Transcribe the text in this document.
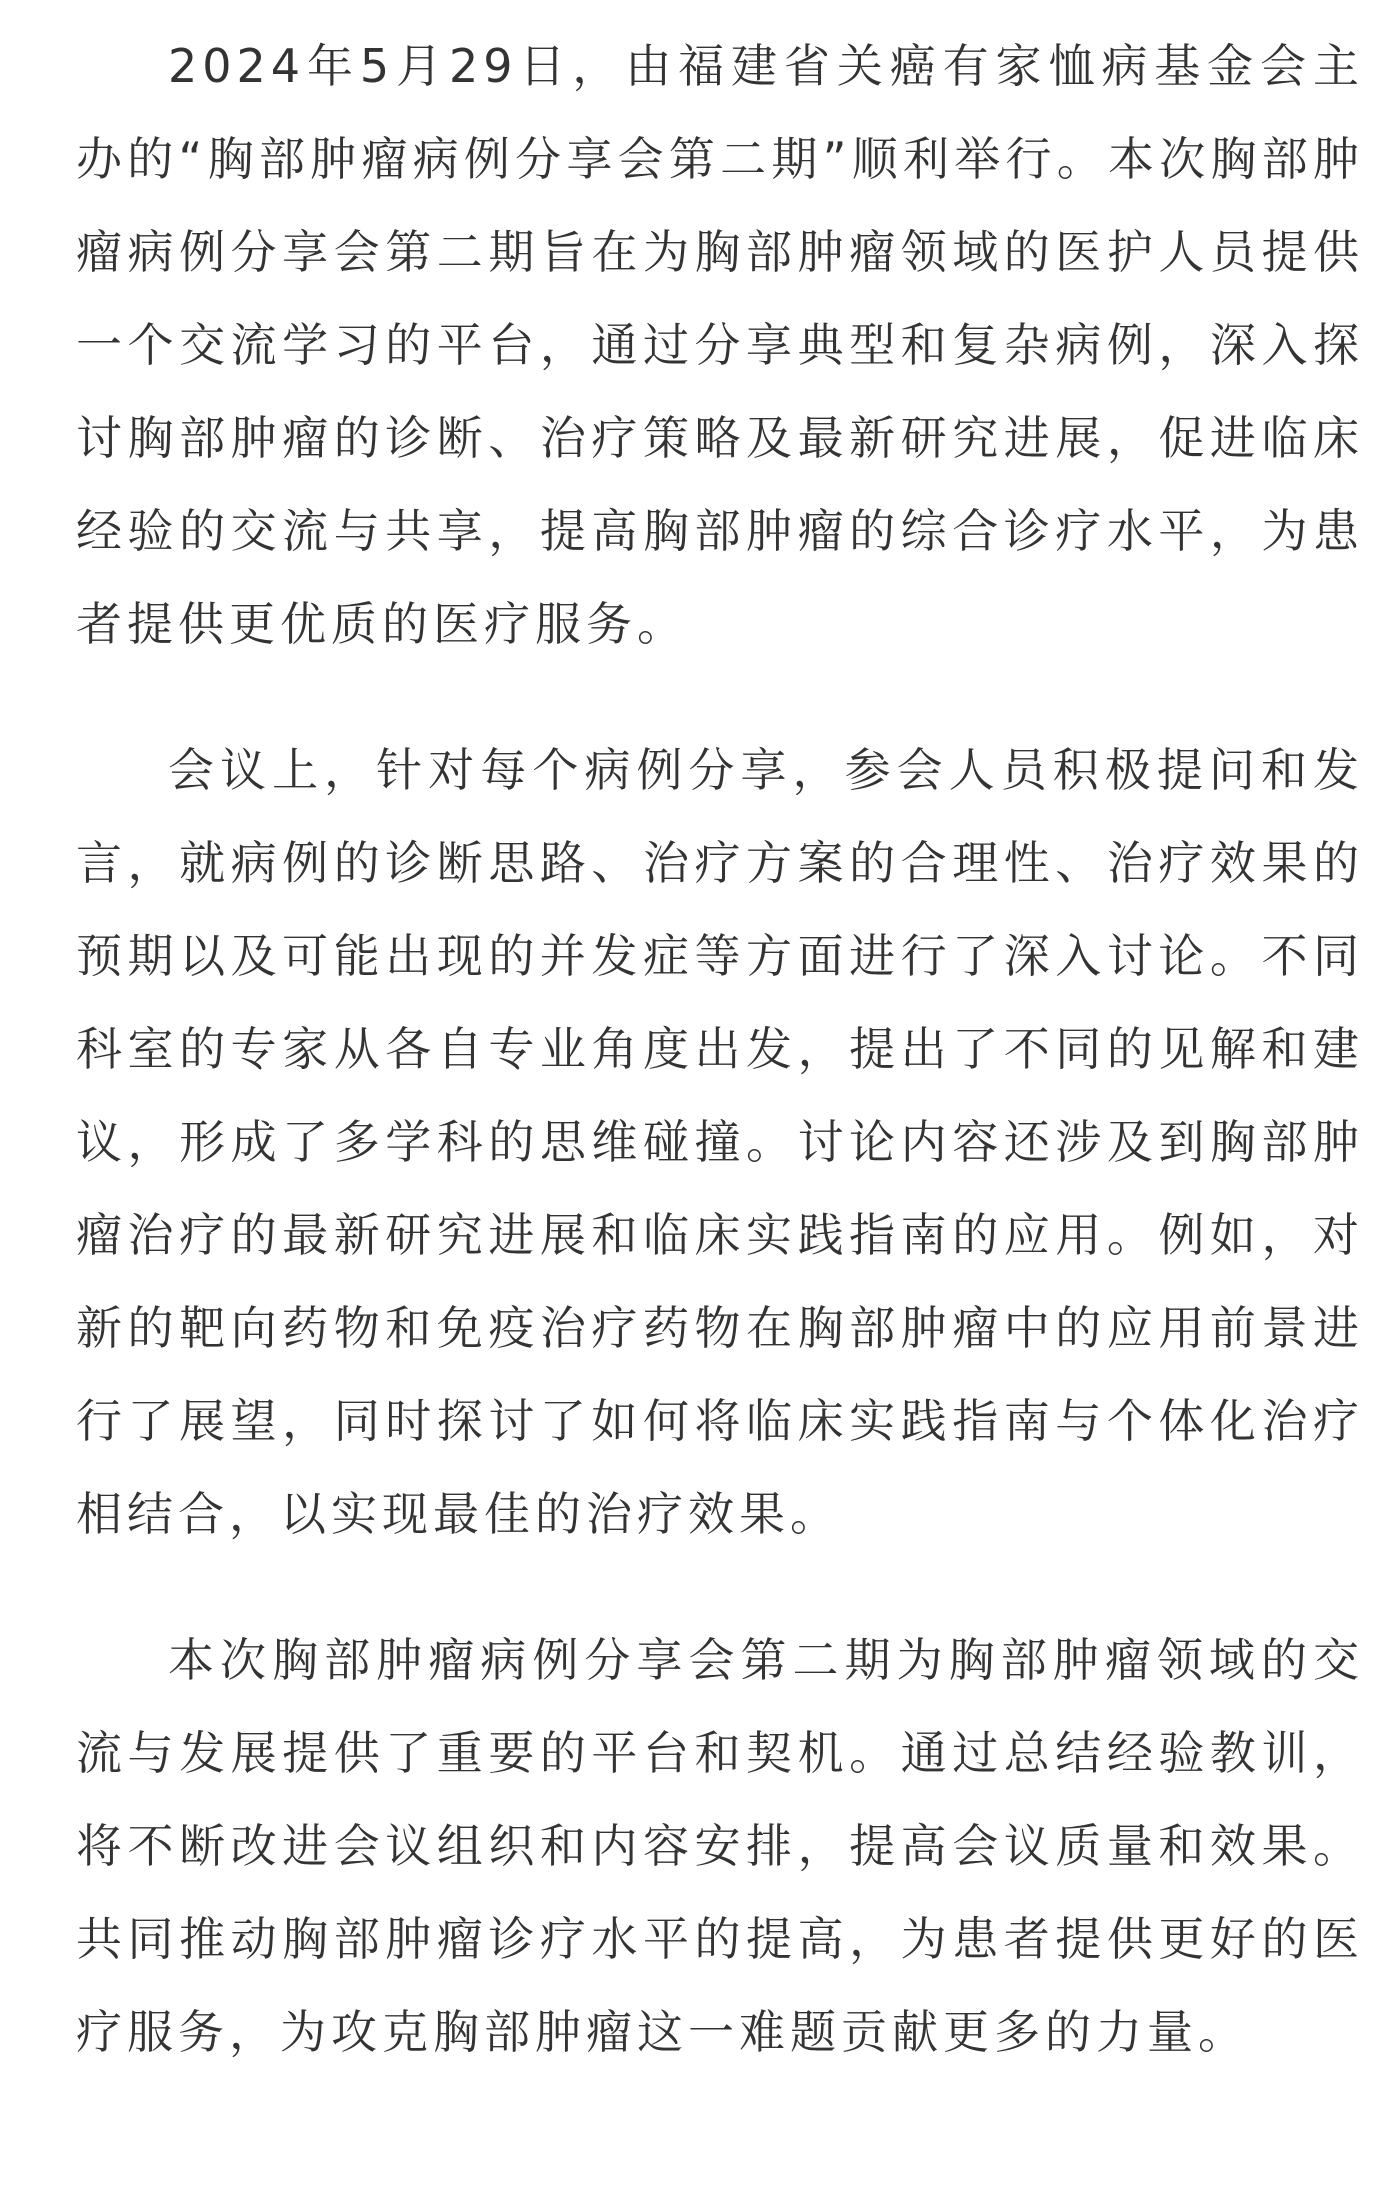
2024年5月29日，由福建省关癌有家恤病基金会主办的“胸部肿瘤病例分享会第二期”顺利举行。本次胸部肿瘤病例分享会第二期旨在为胸部肿瘤领域的医护人员提供一个交流学习的平台，通过分享典型和复杂病例，深入探讨胸部肿瘤的诊断、治疗策略及最新研究进展，促进临床经验的交流与共享，提高胸部肿瘤的综合诊疗水平，为患者提供更优质的医疗服务。

会议上，针对每个病例分享，参会人员积极提问和发言，就病例的诊断思路、治疗方案的合理性、治疗效果的预期以及可能出现的并发症等方面进行了深入讨论。不同科室的专家从各自专业角度出发，提出了不同的见解和建议，形成了多学科的思维碰撞。讨论内容还涉及到胸部肿瘤治疗的最新研究进展和临床实践指南的应用。例如，对新的靶向药物和免疫治疗药物在胸部肿瘤中的应用前景进行了展望，同时探讨了如何将临床实践指南与个体化治疗相结合，以实现最佳的治疗效果。

本次胸部肿瘤病例分享会第二期为胸部肿瘤领域的交流与发展提供了重要的平台和契机。通过总结经验教训，将不断改进会议组织和内容安排，提高会议质量和效果。共同推动胸部肿瘤诊疗水平的提高，为患者提供更好的医疗服务，为攻克胸部肿瘤这一难题贡献更多的力量。
